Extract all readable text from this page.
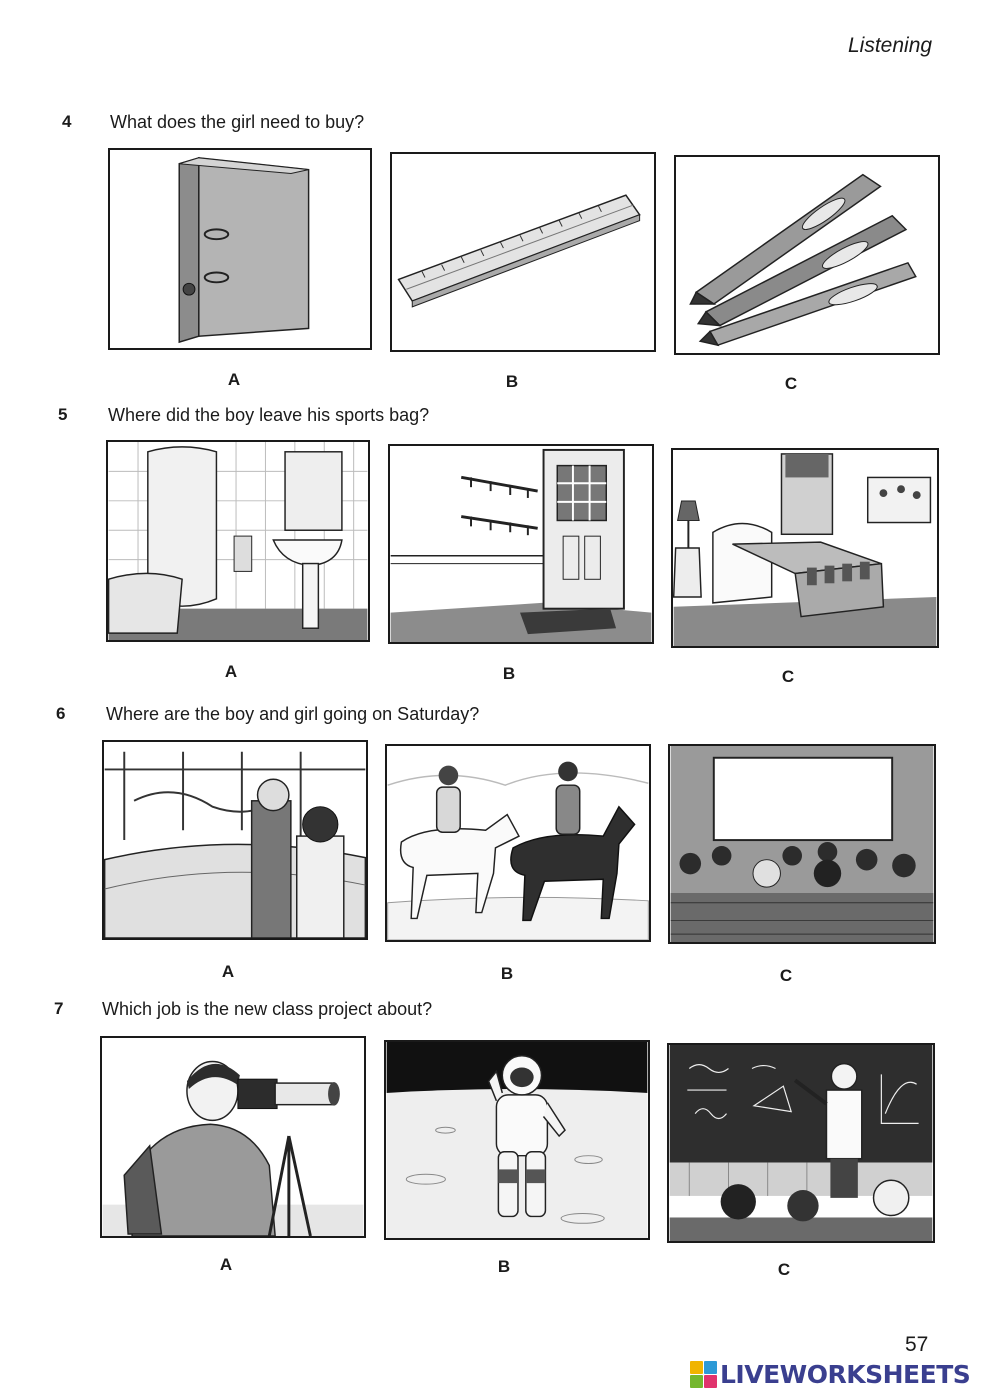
Listening
4 What does the girl need to buy?
A	B	C
5 Where did the boy leave his sports bag?
A	B	C
6 Where are the boy and girl going on Saturday?
A	B	C
7 Which job is the new class project about?
A	B	C
57
LIVEWORKSHEETS
